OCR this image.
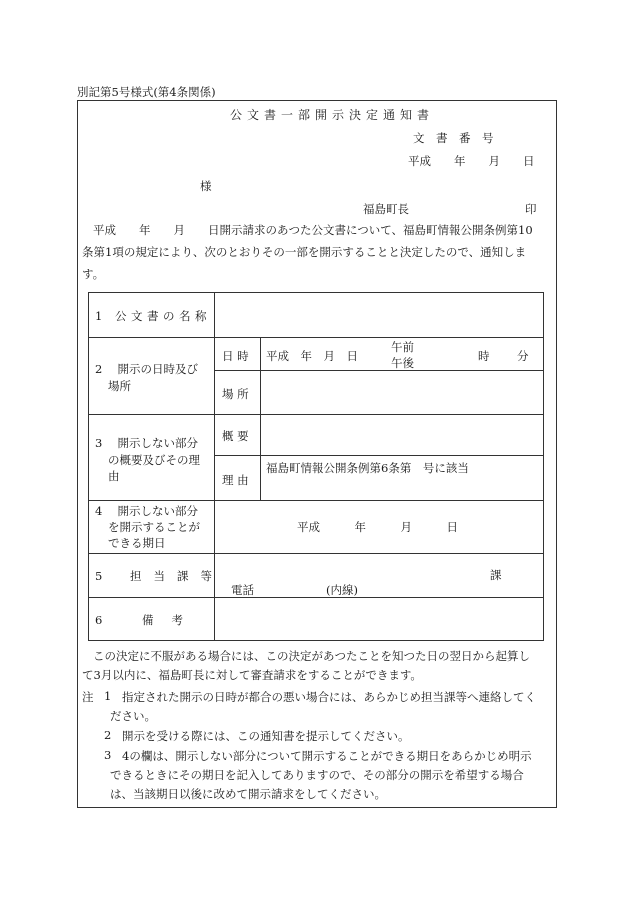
別記第5号様式(第4条関係)
公文書一部開示決定通知書
文　書　番　号
平成　　年　　月　　日
様
福島町長	印
平成　　年　　月　　日開示請求のあつた公文書について、福島町情報公開条例第10
条第1項の規定により、次のとおりその一部を開示することと決定したので、通知しま
す。
1 公文書の名称
2　 開示の日時及び
場所
日 時 平成　年　月　日
午前
午後	時 分
場 所
3　 開示しない部分
の概要及びその理
由
概 要
理 由
福島町情報公開条例第6条第　号に該当
4　 開示しない部分
を開示することが
できる期日
平成　　　年　　　月　　　日
5 担当課等	課
電話	(内線)
6 備考
この決定に不服がある場合には、この決定があつたことを知つた日の翌日から起算し
て3月以内に、福島町長に対して審査請求をすることができます。
注 1 指定された開示の日時が都合の悪い場合には、あらかじめ担当課等へ連絡してく
ださい。
2 開示を受ける際には、この通知書を提示してください。
3 4の欄は、開示しない部分について開示することができる期日をあらかじめ明示
できるときにその期日を記入してありますので、その部分の開示を希望する場合
は、当該期日以後に改めて開示請求をしてください。
